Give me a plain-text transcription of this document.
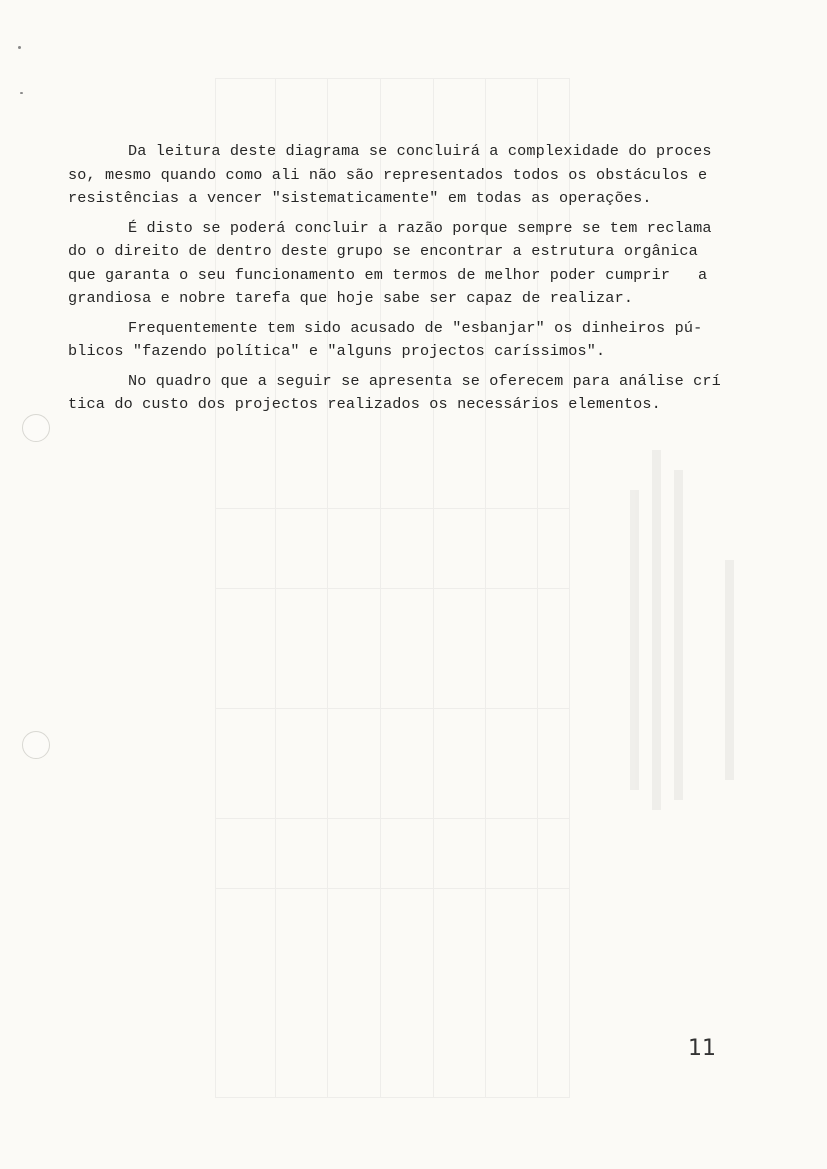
Da leitura deste diagrama se concluirá a complexidade do proces
so, mesmo quando como ali não são representados todos os obstáculos e
resistências a vencer "sistematicamente" em todas as operações.

É disto se poderá concluir a razão porque sempre se tem reclama
do o direito de dentro deste grupo se encontrar a estrutura orgânica
que garanta o seu funcionamento em termos de melhor poder cumprir   a
grandiosa e nobre tarefa que hoje sabe ser capaz de realizar.

Frequentemente tem sido acusado de "esbanjar" os dinheiros pú-
blicos "fazendo política" e "alguns projectos caríssimos".

No quadro que a seguir se apresenta se oferecem para análise crí
tica do custo dos projectos realizados os necessários elementos.

11
